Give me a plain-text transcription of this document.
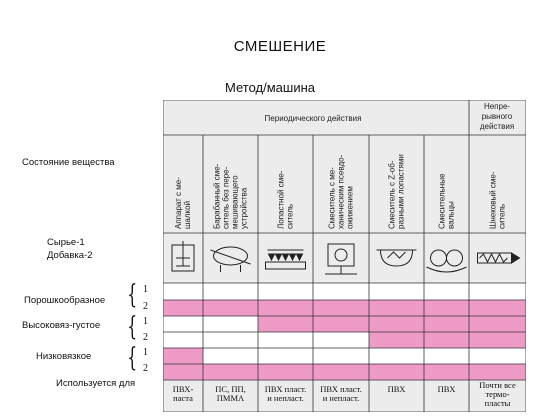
СМЕШЕНИЕ
Метод/машина
Состояние вещества
Сырье-1
Добавка-2
Порошкообразное { 1
2
Высоковяз-густое { 1
2
Низковязкое { 1
2
Используется для
Периодического действия
Непре-
рывного
действия
Аппарат с ме- шалкой
ПВХ-
паста
Барабанный сме- ситель без пере- мешивающего устройства
ПС, ПП,
ПММА
Лопастной сме- ситель
ПВХ пласт.
и непласт.
Смеситель с ме- ханическим псевдо- ожижением
ПВХ пласт.
и непласт.
Смеситель с Z-об- разными лопастями
ПВХ
Смесительные вальцы
ПВХ
Шнековый сме- ситель
Почти все
термо-
пласты
